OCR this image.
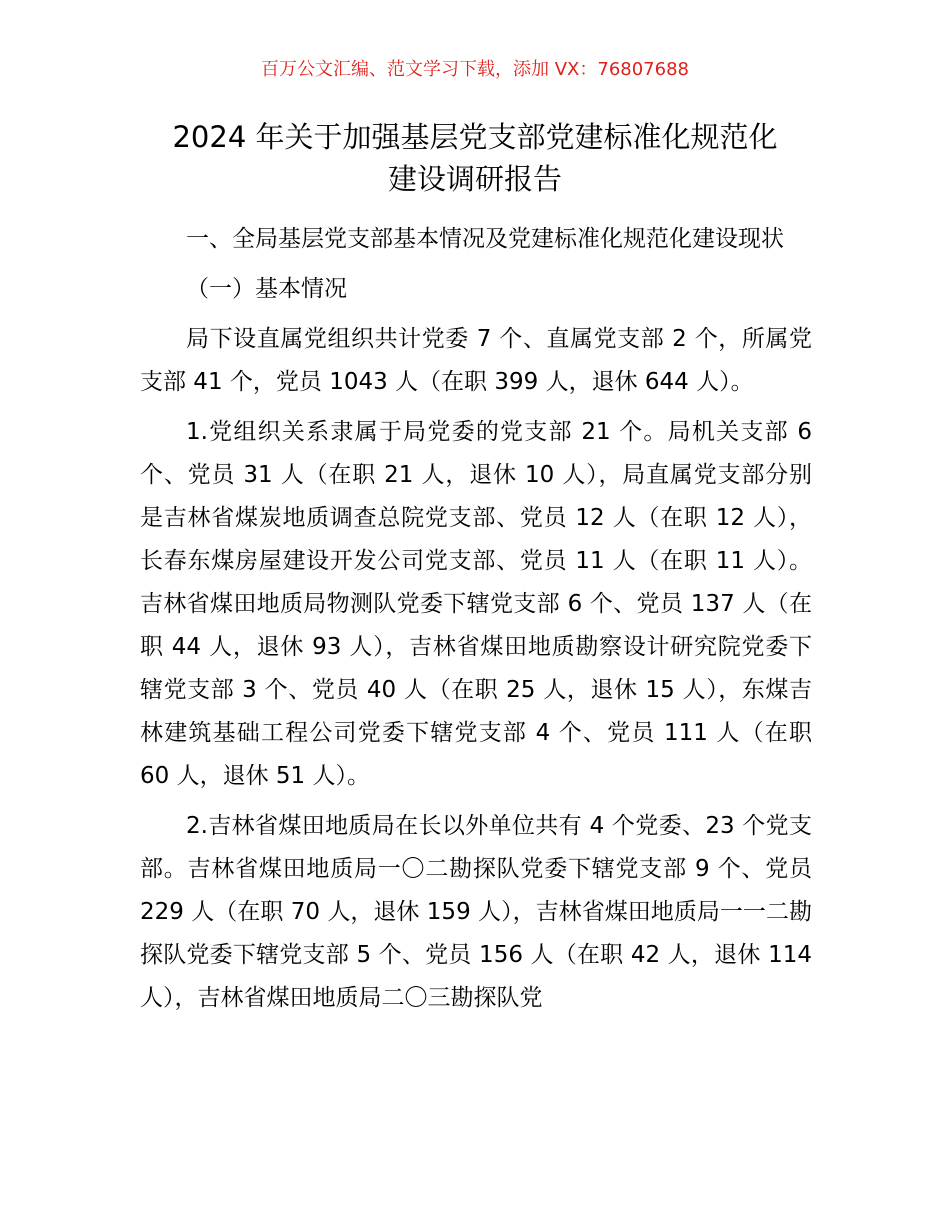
百万公文汇编、范文学习下载，添加 VX：76807688
2024 年关于加强基层党支部党建标准化规范化
建设调研报告

一、全局基层党支部基本情况及党建标准化规范化建设现状

（一）基本情况

局下设直属党组织共计党委 7 个、直属党支部 2 个，所属党支部 41 个，党员 1043 人（在职 399 人，退休 644 人）。

1.党组织关系隶属于局党委的党支部 21 个。局机关支部 6 个、党员 31 人（在职 21 人，退休 10 人），局直属党支部分别是吉林省煤炭地质调查总院党支部、党员 12 人（在职 12 人），长春东煤房屋建设开发公司党支部、党员 11 人（在职 11 人）。吉林省煤田地质局物测队党委下辖党支部 6 个、党员 137 人（在职 44 人，退休 93 人），吉林省煤田地质勘察设计研究院党委下辖党支部 3 个、党员 40 人（在职 25 人，退休 15 人），东煤吉林建筑基础工程公司党委下辖党支部 4 个、党员 111 人（在职 60 人，退休 51 人）。

2.吉林省煤田地质局在长以外单位共有 4 个党委、23 个党支部。吉林省煤田地质局一〇二勘探队党委下辖党支部 9 个、党员 229 人（在职 70 人，退休 159 人），吉林省煤田地质局一一二勘探队党委下辖党支部 5 个、党员 156 人（在职 42 人，退休 114 人），吉林省煤田地质局二〇三勘探队党
